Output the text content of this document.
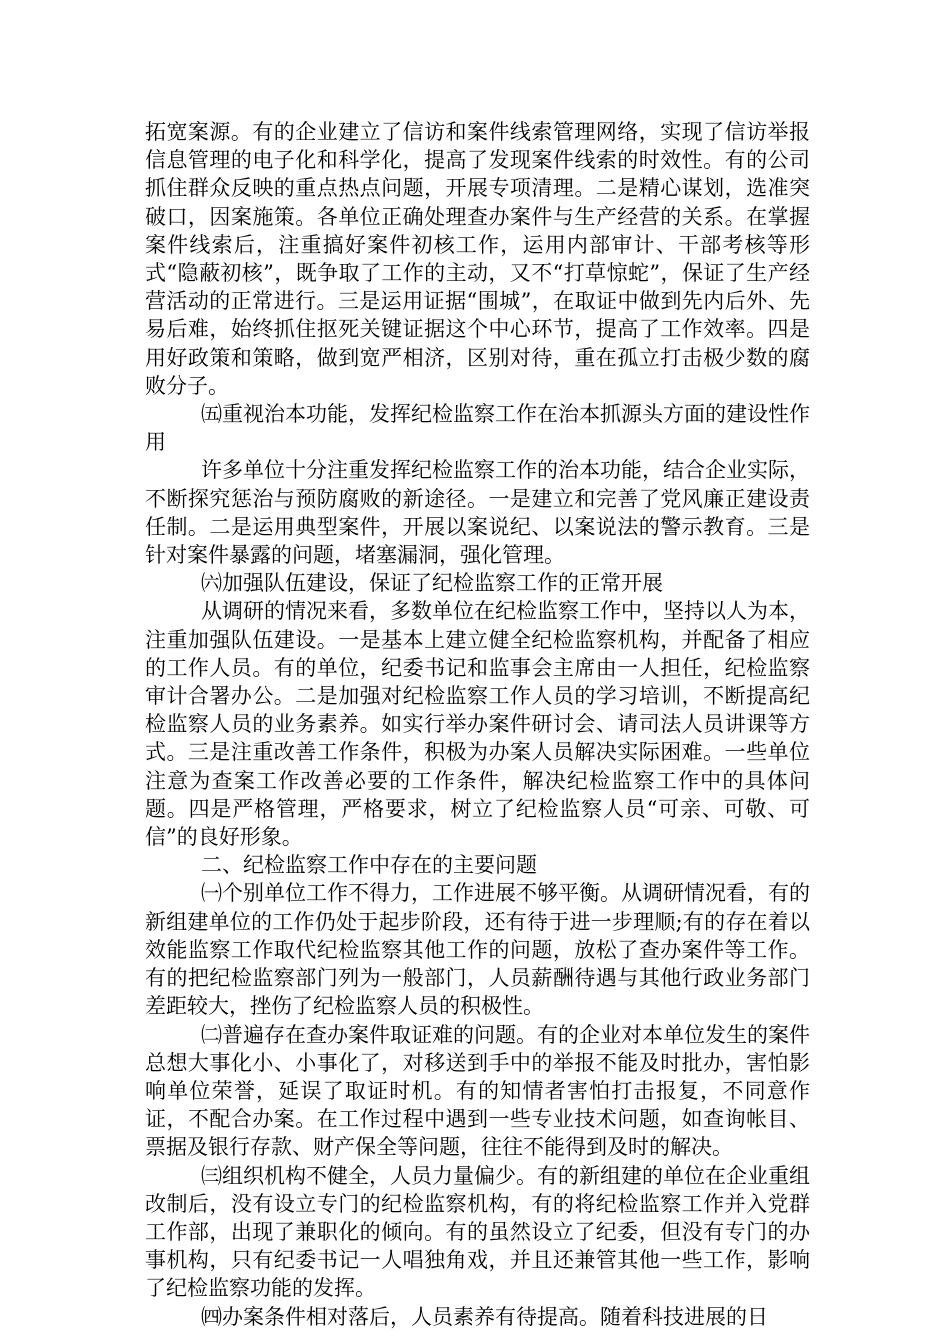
拓宽案源。有的企业建立了信访和案件线索管理网络，实现了信访举报信息管理的电子化和科学化，提高了发现案件线索的时效性。有的公司抓住群众反映的重点热点问题，开展专项清理。二是精心谋划，选准突破口，因案施策。各单位正确处理查办案件与生产经营的关系。在掌握案件线索后，注重搞好案件初核工作，运用内部审计、干部考核等形式“隐蔽初核”，既争取了工作的主动，又不“打草惊蛇”，保证了生产经营活动的正常进行。三是运用证据“围城”，在取证中做到先内后外、先易后难，始终抓住抠死关键证据这个中心环节，提高了工作效率。四是用好政策和策略，做到宽严相济，区别对待，重在孤立打击极少数的腐败分子。

㈤重视治本功能，发挥纪检监察工作在治本抓源头方面的建设性作用

许多单位十分注重发挥纪检监察工作的治本功能，结合企业实际，不断探究惩治与预防腐败的新途径。一是建立和完善了党风廉正建设责任制。二是运用典型案件，开展以案说纪、以案说法的警示教育。三是针对案件暴露的问题，堵塞漏洞，强化管理。

㈥加强队伍建设，保证了纪检监察工作的正常开展

从调研的情况来看，多数单位在纪检监察工作中，坚持以人为本，注重加强队伍建设。一是基本上建立健全纪检监察机构，并配备了相应的工作人员。有的单位，纪委书记和监事会主席由一人担任，纪检监察审计合署办公。二是加强对纪检监察工作人员的学习培训，不断提高纪检监察人员的业务素养。如实行举办案件研讨会、请司法人员讲课等方式。三是注重改善工作条件，积极为办案人员解决实际困难。一些单位注意为查案工作改善必要的工作条件，解决纪检监察工作中的具体问题。四是严格管理，严格要求，树立了纪检监察人员“可亲、可敬、可信”的良好形象。

二、纪检监察工作中存在的主要问题

㈠个别单位工作不得力，工作进展不够平衡。从调研情况看，有的新组建单位的工作仍处于起步阶段，还有待于进一步理顺;有的存在着以效能监察工作取代纪检监察其他工作的问题，放松了查办案件等工作。有的把纪检监察部门列为一般部门，人员薪酬待遇与其他行政业务部门差距较大，挫伤了纪检监察人员的积极性。

㈡普遍存在查办案件取证难的问题。有的企业对本单位发生的案件总想大事化小、小事化了，对移送到手中的举报不能及时批办，害怕影响单位荣誉，延误了取证时机。有的知情者害怕打击报复，不同意作证，不配合办案。在工作过程中遇到一些专业技术问题，如查询帐目、票据及银行存款、财产保全等问题，往往不能得到及时的解决。

㈢组织机构不健全，人员力量偏少。有的新组建的单位在企业重组改制后，没有设立专门的纪检监察机构，有的将纪检监察工作并入党群工作部，出现了兼职化的倾向。有的虽然设立了纪委，但没有专门的办事机构，只有纪委书记一人唱独角戏，并且还兼管其他一些工作，影响了纪检监察功能的发挥。

㈣办案条件相对落后，人员素养有待提高。随着科技进展的日
